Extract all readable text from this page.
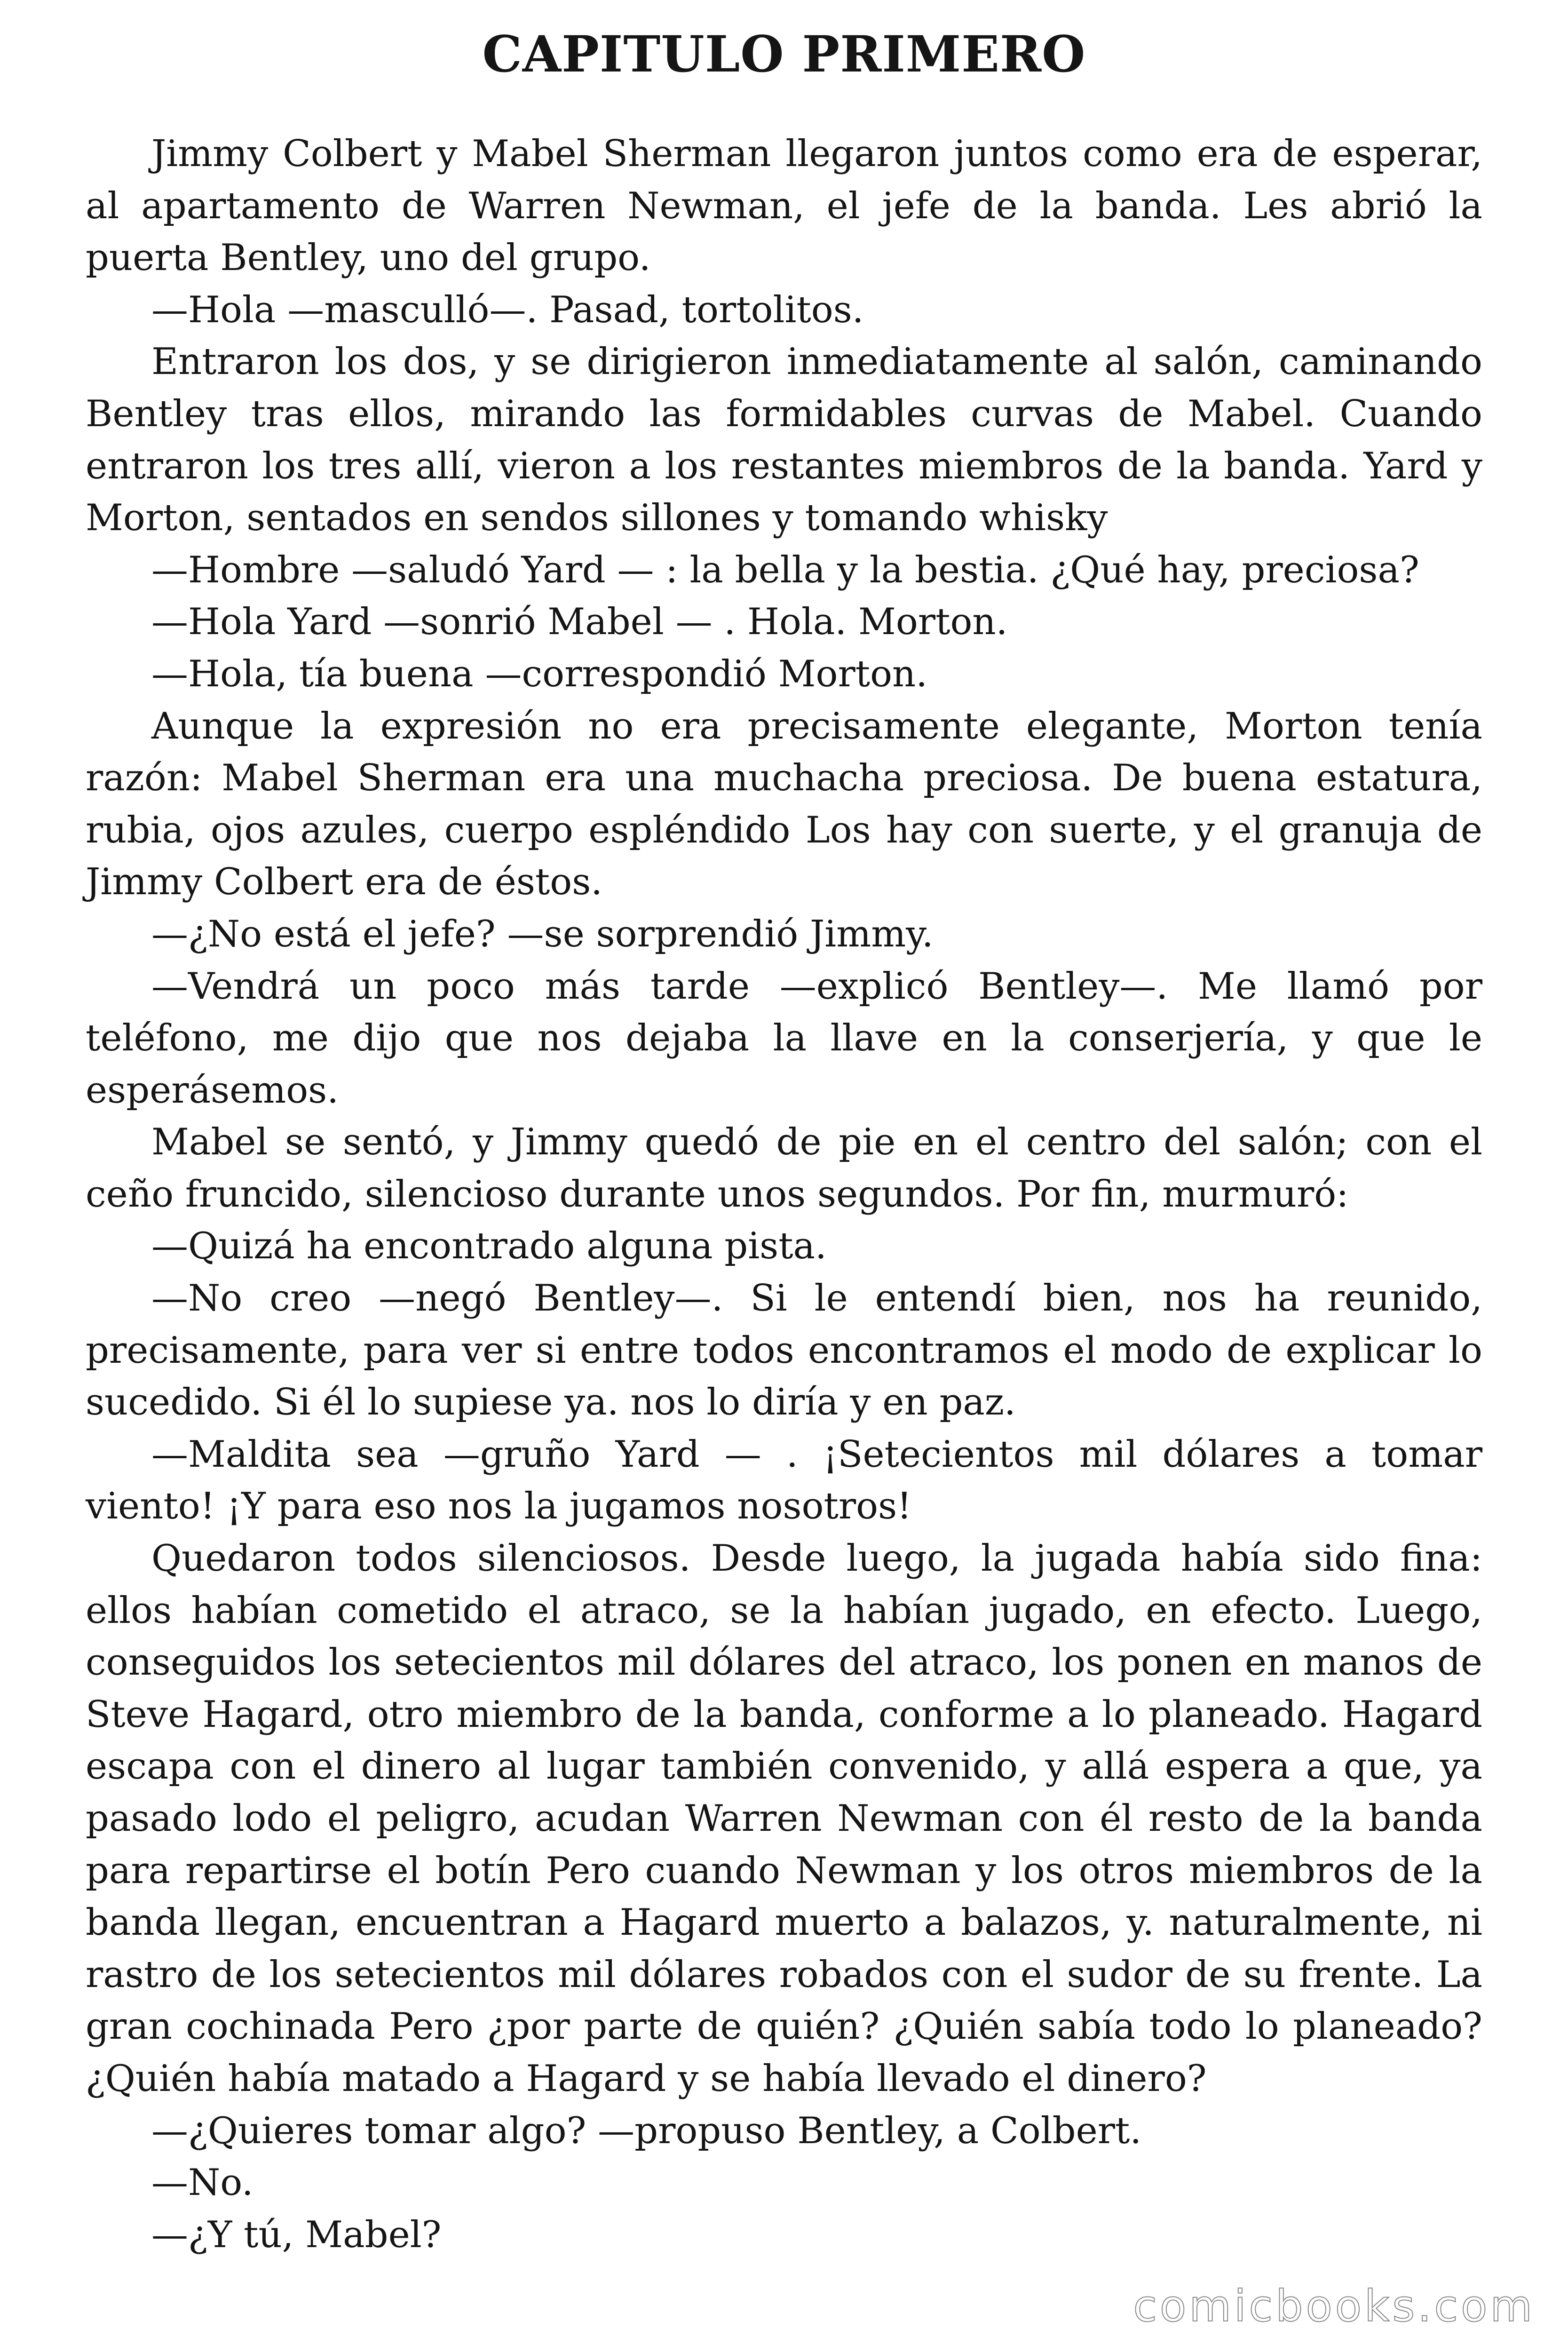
CAPITULO PRIMERO

Jimmy Colbert y Mabel Sherman llegaron juntos como era de esperar, al apartamento de Warren Newman, el jefe de la banda. Les abrió la puerta Bentley, uno del grupo.

—Hola —masculló—. Pasad, tortolitos.

Entraron los dos, y se dirigieron inmediatamente al salón, caminando Bentley tras ellos, mirando las formidables curvas de Mabel. Cuando entraron los tres allí, vieron a los restantes miembros de la banda. Yard y Morton, sentados en sendos sillones y tomando whisky

—Hombre —saludó Yard — : la bella y la bestia. ¿Qué hay, preciosa?

—Hola Yard —sonrió Mabel — . Hola. Morton.

—Hola, tía buena —correspondió Morton.

Aunque la expresión no era precisamente elegante, Morton tenía razón: Mabel Sherman era una muchacha preciosa. De buena estatura, rubia, ojos azules, cuerpo espléndido Los hay con suerte, y el granuja de Jimmy Colbert era de éstos.

—¿No está el jefe? —se sorprendió Jimmy.

—Vendrá un poco más tarde —explicó Bentley—. Me llamó por teléfono, me dijo que nos dejaba la llave en la conserjería, y que le esperásemos.

Mabel se sentó, y Jimmy quedó de pie en el centro del salón; con el ceño fruncido, silencioso durante unos segundos. Por fin, murmuró:

—Quizá ha encontrado alguna pista.

—No creo —negó Bentley—. Si le entendí bien, nos ha reunido, precisamente, para ver si entre todos encontramos el modo de explicar lo sucedido. Si él lo supiese ya. nos lo diría y en paz.

—Maldita sea —gruño Yard — . ¡Setecientos mil dólares a tomar viento! ¡Y para eso nos la jugamos nosotros!

Quedaron todos silenciosos. Desde luego, la jugada había sido fina: ellos habían cometido el atraco, se la habían jugado, en efecto. Luego, conseguidos los setecientos mil dólares del atraco, los ponen en manos de Steve Hagard, otro miembro de la banda, conforme a lo planeado. Hagard escapa con el dinero al lugar también convenido, y allá espera a que, ya pasado lodo el peligro, acudan Warren Newman con él resto de la banda para repartirse el botín Pero cuando Newman y los otros miembros de la banda llegan, encuentran a Hagard muerto a balazos, y. naturalmente, ni rastro de los setecientos mil dólares robados con el sudor de su frente. La gran cochinada Pero ¿por parte de quién? ¿Quién sabía todo lo planeado? ¿Quién había matado a Hagard y se había llevado el dinero?

—¿Quieres tomar algo? —propuso Bentley, a Colbert.

—No.

—¿Y tú, Mabel?

comicbooks.com
